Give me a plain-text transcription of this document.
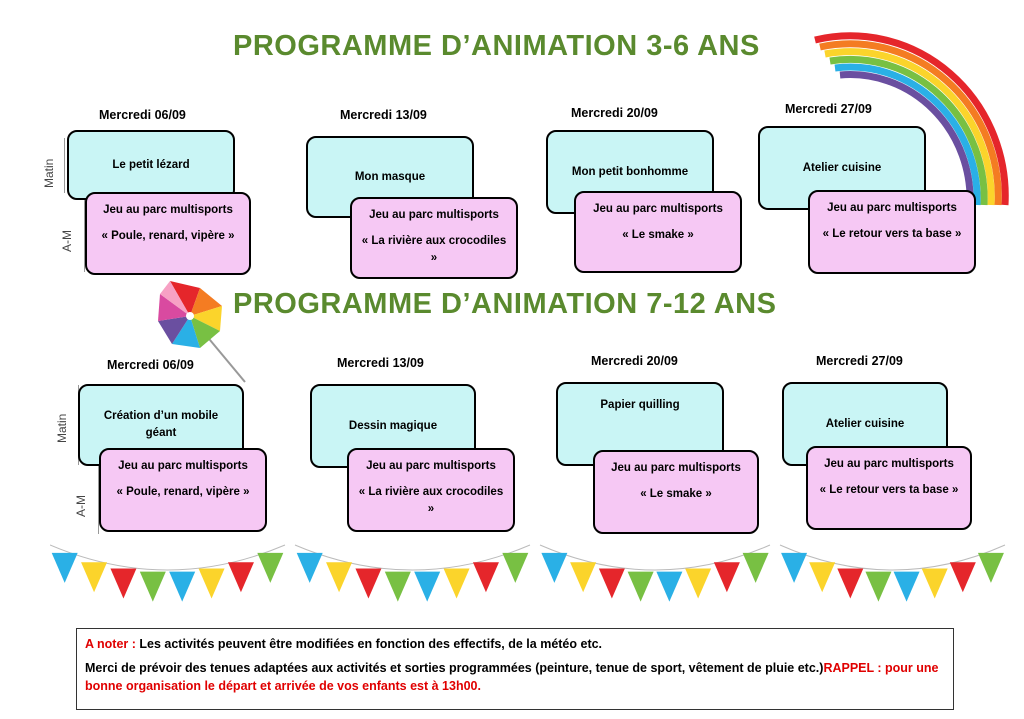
PROGRAMME D’ANIMATION 3-6 ANS
PROGRAMME D’ANIMATION 7-12 ANS
Matin
A-M
Mercredi 06/09
Le petit lézard
Jeu au parc multisports
« Poule, renard, vipère »
Mercredi 13/09
Mon masque
Jeu au parc multisports
« La rivière aux crocodiles »
Mercredi 20/09
Mon petit bonhomme
Jeu au parc multisports
« Le smake »
Mercredi 27/09
Atelier cuisine
Jeu au parc multisports
« Le retour vers ta base »
Matin
A-M
Mercredi 06/09
Création d’un mobile géant
Jeu au parc multisports
« Poule, renard, vipère »
Mercredi 13/09
Dessin magique
Jeu au parc multisports
« La rivière aux crocodiles »
Mercredi 20/09
Papier quilling
Jeu au parc multisports
« Le smake »
Mercredi 27/09
Atelier cuisine
Jeu au parc multisports
« Le retour vers ta base »

A noter : Les activités peuvent être modifiées en fonction des effectifs, de la météo etc.

Merci de prévoir des tenues adaptées aux activités et sorties programmées (peinture, tenue de sport, vêtement de pluie etc.)RAPPEL : pour une bonne organisation le départ et arrivée de vos enfants est à 13h00.
